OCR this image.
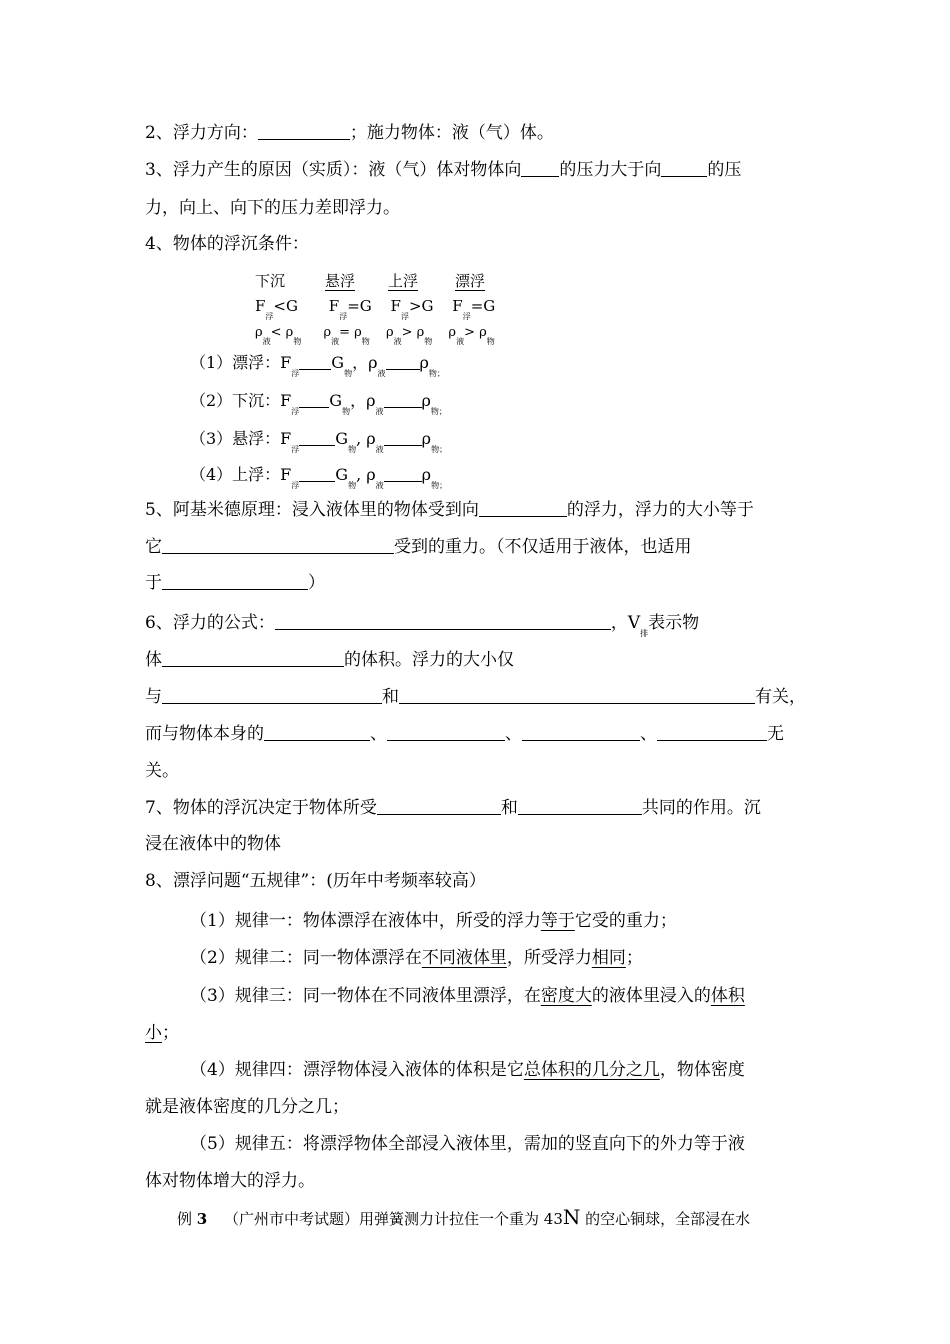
2、浮力方向：	；施力物体：液（气）体。
3、浮力产生的原因（实质）：液（气）体对物体向 的压力大于向	的压
力，向上、向下的压力差即浮力。
4、物体的浮沉条件：
下沉	悬浮 上浮 漂浮
$F_浮<G$ $F_浮=G$ $F_浮>G$ $F_浮=G$
$\rho_液< \rho_物$ $\rho_液= \rho_物$ $\rho_液> \rho_物$ $\rho_液> \rho_物$
（1）漂浮：$F_浮G_物$，$\rho_液\rho_{物;}$
（2）下沉：$F_浮G_物$，$\rho_液\rho_{物;}$
（3）悬浮：$F_浮G_物$, $\rho_液\rho_{物;}$
（4）上浮：$F_浮G_物$, $\rho_液\rho_{物;}$
5、阿基米德原理：浸入液体里的物体受到向	的浮力，浮力的大小等于
它	受到的重力。（不仅适用于液体，也适用
于	）
6、浮力的公式：	，$V_排$表示物
体	的体积。浮力的大小仅
与	和	有关，
而与物体本身的	、	、	、	无
关。
7、物体的浮沉决定于物体所受	和	共同的作用。沉
浸在液体中的物体
8、漂浮问题“五规律”：(历年中考频率较高）
（1）规律一：物体漂浮在液体中，所受的浮力等于它受的重力；
（2）规律二：同一物体漂浮在不同液体里，所受浮力相同；
（3）规律三：同一物体在不同液体里漂浮，在密度大的液体里浸入的体积
小；
（4）规律四：漂浮物体浸入液体的体积是它总体积的几分之几，物体密度
就是液体密度的几分之几；
（5）规律五：将漂浮物体全部浸入液体里，需加的竖直向下的外力等于液
体对物体增大的浮力。
例 3 （广州市中考试题）用弹簧测力计拉住一个重为 43N 的空心铜球，全部浸在水
